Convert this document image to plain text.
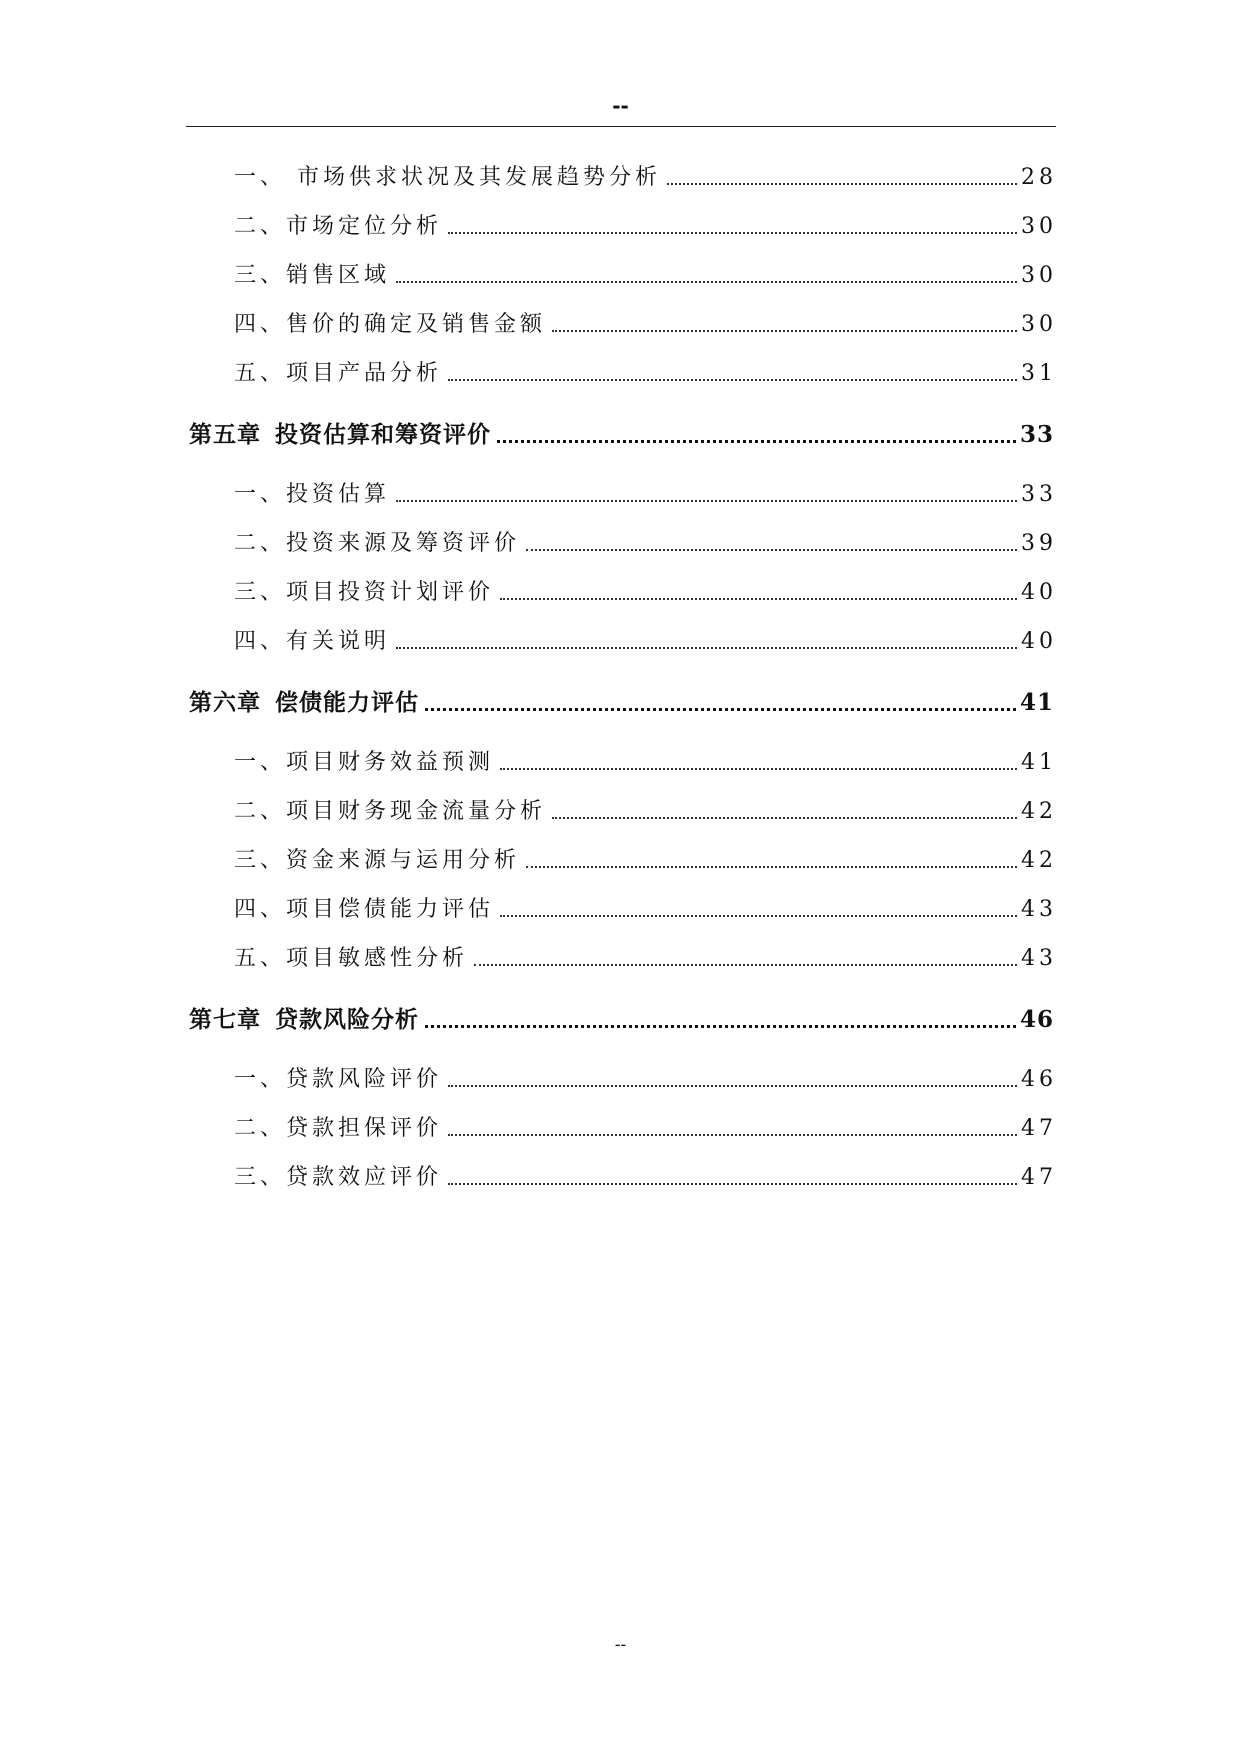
--
一、 市场供求状况及其发展趋势分析	28
二、 市场定位分析	30
三、 销售区域	30
四、 售价的确定及销售金额	30
五、 项目产品分析	31
第五章 投资估算和筹资评价	33
一、 投资估算	33
二、 投资来源及筹资评价	39
三、 项目投资计划评价	40
四、 有关说明	40
第六章 偿债能力评估	41
一、 项目财务效益预测	41
二、 项目财务现金流量分析	42
三、 资金来源与运用分析	42
四、 项目偿债能力评估	43
五、 项目敏感性分析	43
第七章 贷款风险分析	46
一、 贷款风险评价	46
二、 贷款担保评价	47
三、 贷款效应评价	47
--
